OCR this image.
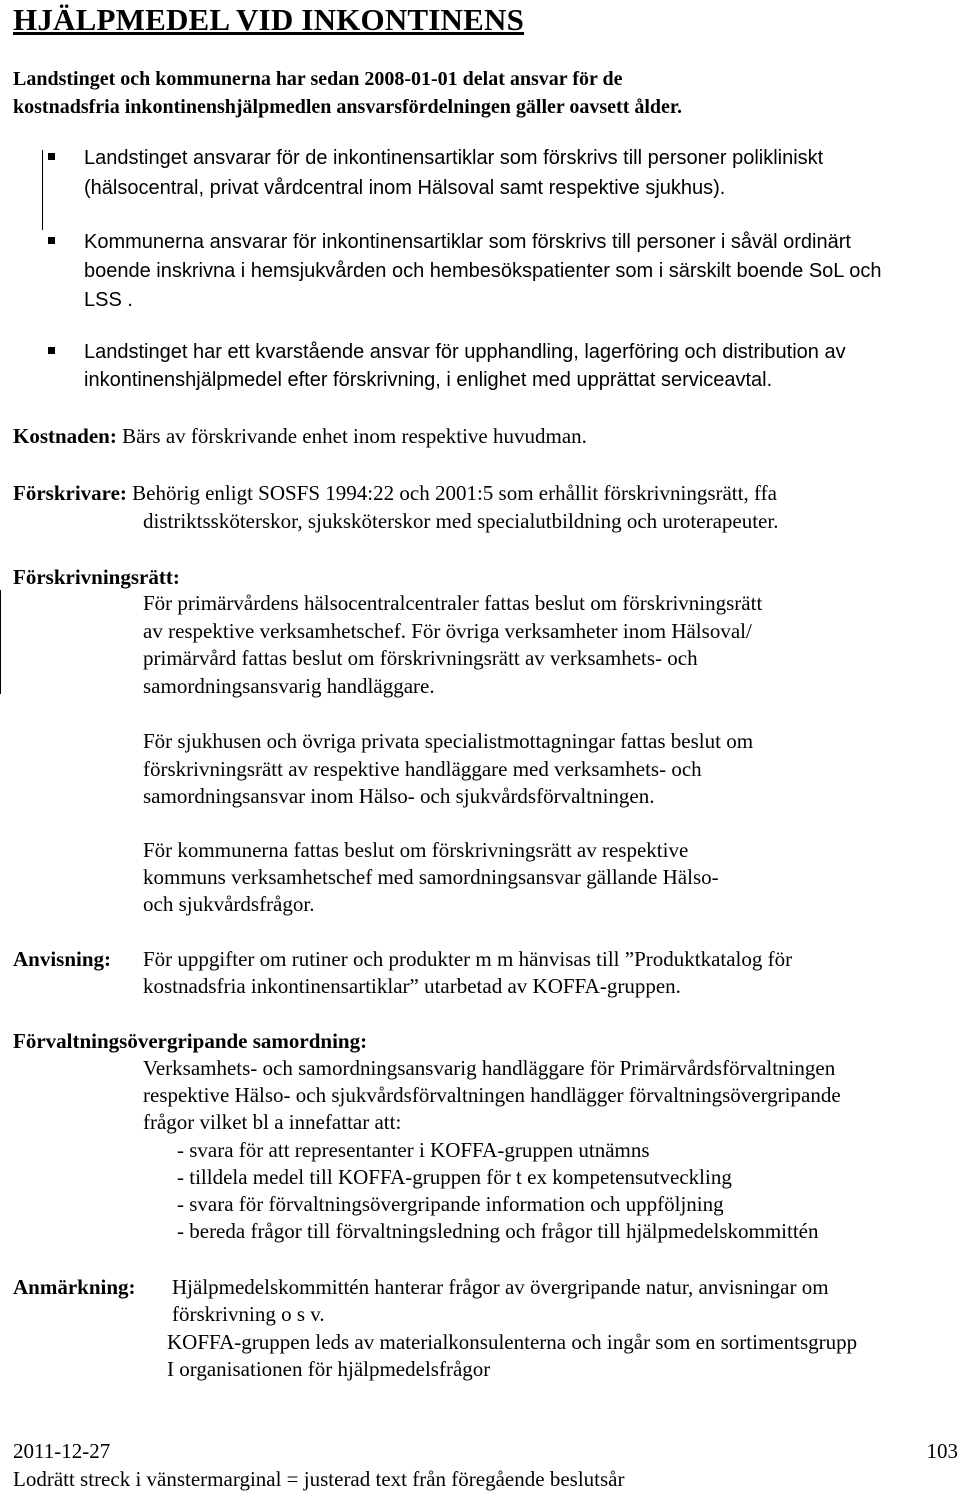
HJÄLPMEDEL VID INKONTINENS
Landstinget och kommunerna har sedan 2008-01-01 delat ansvar för de
kostnadsfria inkontinenshjälpmedlen ansvarsfördelningen gäller oavsett ålder.
Landstinget ansvarar för de inkontinensartiklar som förskrivs till personer polikliniskt
(hälsocentral, privat vårdcentral inom Hälsoval samt respektive sjukhus).
Kommunerna ansvarar för inkontinensartiklar som förskrivs till personer i såväl ordinärt
boende inskrivna i hemsjukvården och hembesökspatienter som i särskilt boende SoL och
LSS .
Landstinget har ett kvarstående ansvar för upphandling, lagerföring och distribution av
inkontinenshjälpmedel efter förskrivning, i enlighet med upprättat serviceavtal.
Kostnaden: Bärs av förskrivande enhet inom respektive huvudman.
Förskrivare: Behörig enligt SOSFS 1994:22 och 2001:5 som erhållit förskrivningsrätt, ffa
distriktssköterskor, sjuksköterskor med specialutbildning och uroterapeuter.
Förskrivningsrätt:
För primärvårdens hälsocentralcentraler fattas beslut om förskrivningsrätt
av respektive verksamhetschef. För övriga verksamheter inom Hälsoval/
primärvård fattas beslut om förskrivningsrätt av verksamhets- och
samordningsansvarig handläggare.
För sjukhusen och övriga privata specialistmottagningar fattas beslut om
förskrivningsrätt av respektive handläggare med verksamhets- och
samordningsansvar inom Hälso- och sjukvårdsförvaltningen.
För kommunerna fattas beslut om förskrivningsrätt av respektive
kommuns verksamhetschef med samordningsansvar gällande Hälso-
och sjukvårdsfrågor.
Anvisning: För uppgifter om rutiner och produkter m m hänvisas till ”Produktkatalog för
kostnadsfria inkontinensartiklar” utarbetad av KOFFA-gruppen.
Förvaltningsövergripande samordning:
Verksamhets- och samordningsansvarig handläggare för Primärvårdsförvaltningen
respektive Hälso- och sjukvårdsförvaltningen handlägger förvaltningsövergripande
frågor vilket bl a innefattar att:
- svara för att representanter i KOFFA-gruppen utnämns
- tilldela medel till KOFFA-gruppen för t ex kompetensutveckling
- svara för förvaltningsövergripande information och uppföljning
- bereda frågor till förvaltningsledning och frågor till hjälpmedelskommittén
Anmärkning: Hjälpmedelskommittén hanterar frågor av övergripande natur, anvisningar om
förskrivning o s v.
KOFFA-gruppen leds av materialkonsulenterna och ingår som en sortimentsgrupp
I organisationen för hjälpmedelsfrågor
2011-12-27	103
Lodrätt streck i vänstermarginal = justerad text från föregående beslutsår
